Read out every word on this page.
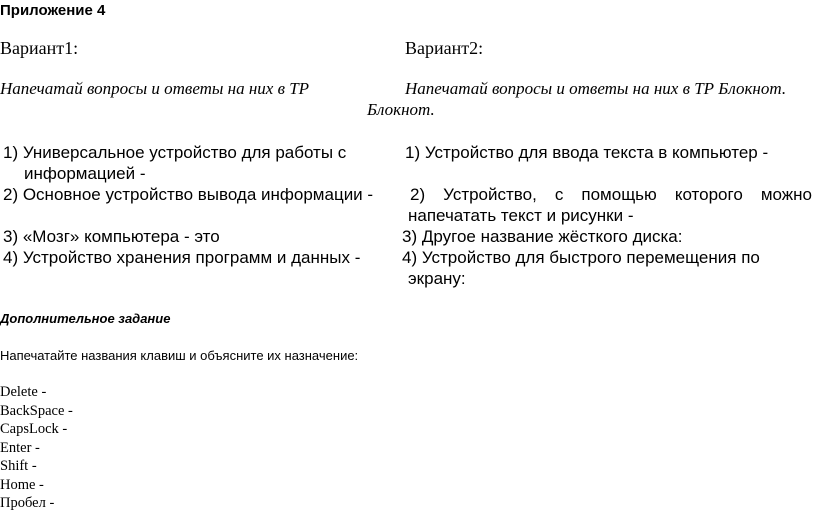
Приложение 4
Вариант1:
Напечатай вопросы и ответы на них в ТР
1) Универсальное устройство для работы с
информацией -
2) Основное устройство вывода информации -
3) «Мозг» компьютера - это
4) Устройство хранения программ и данных -
Вариант2:
Напечатай вопросы и ответы на них в ТР Блокнот.
Блокнот.
1) Устройство для ввода текста в компьютер -
2) Устройство, с помощью которого можно
напечатать текст и рисунки -
3) Другое название жёсткого диска:
4) Устройство для быстрого перемещения по
экрану:
Дополнительное задание
Напечатайте названия клавиш и объясните их назначение:
Delete -
BackSpace -
CapsLock -
Enter -
Shift -
Home -
Пробел -
